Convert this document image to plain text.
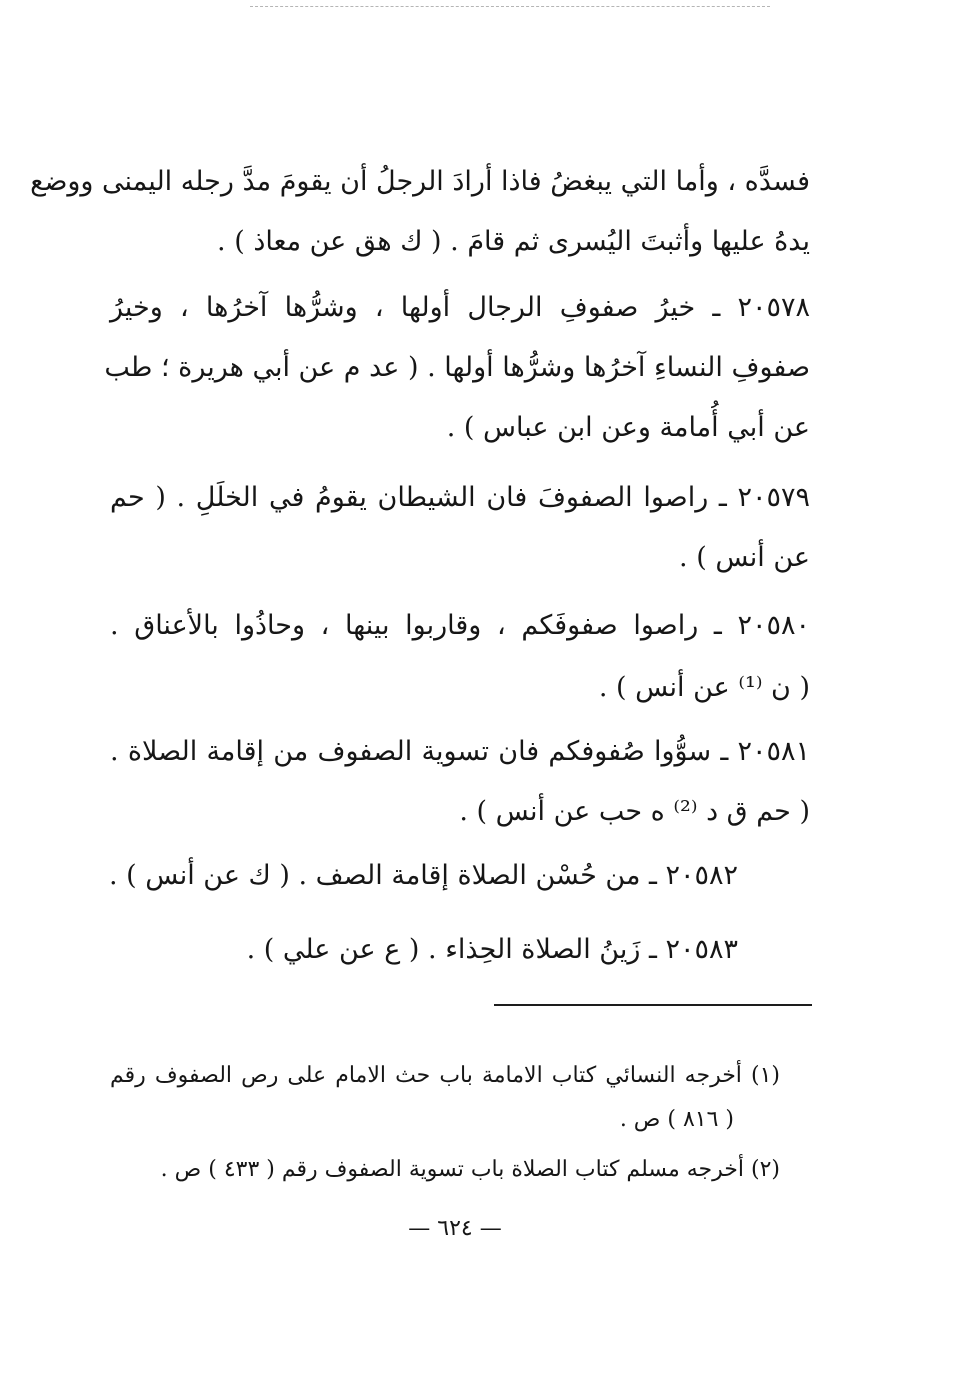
فسدَّه ، وأما التي يبغضُ فاذا أرادَ الرجلُ أن يقومَ مدَّ رجله اليمنى ووضع
يدهُ عليها وأثبتَ اليُسرى ثم قامَ . ( ك هق عن معاذ ) .
٢٠٥٧٨ ـ خيرُ صفوفِ الرجال أولها ، وشرُّها آخرُها ، وخيرُ
صفوفِ النساءِ آخرُها وشرُّها أولها . ( عد م عن أبي هريرة ؛ طب
عن أبي أُمامة وعن ابن عباس ) .
٢٠٥٧٩ ـ راصوا الصفوفَ فان الشيطان يقومُ في الخلَلِ . ( حم
عن أنس ) .
٢٠٥٨٠ ـ راصوا صفوفَكم ، وقاربوا بينها ، وحاذُوا بالأعناق .
( ن ⁽¹⁾ عن أنس ) .
٢٠٥٨١ ـ سوُّوا صُفوفكم فان تسوية الصفوف من إقامة الصلاة .
( حم ق د ⁽²⁾ ه حب عن أنس ) .
٢٠٥٨٢ ـ من حُسْن الصلاة إقامة الصف . ( ك عن أنس ) .
٢٠٥٨٣ ـ زَينُ الصلاة الحِذاء . ( ع عن علي ) .
(١) أخرجه النسائي كتاب الامامة باب حث الامام على رص الصفوف رقم
( ٨١٦ ) ص .
(٢) أخرجه مسلم كتاب الصلاة باب تسوية الصفوف رقم ( ٤٣٣ ) ص .
— ٦٢٤ —
